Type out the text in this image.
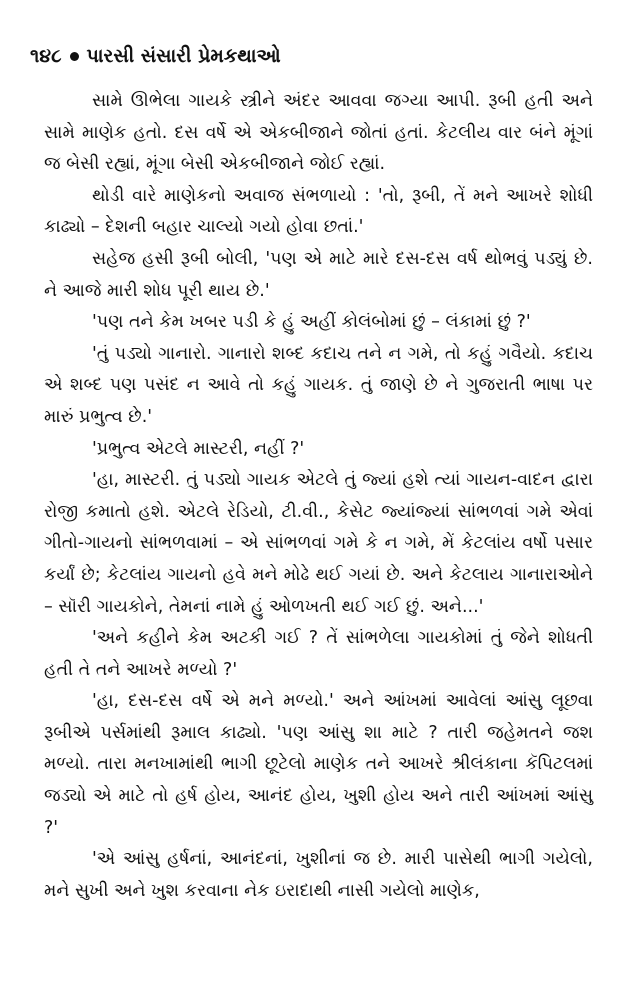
૧૪૮ પારસી સંસારી પ્રેમકથાઓ

સામે ઊભેલા ગાયકે સ્ત્રીને અંદર આવવા જગ્યા આપી. રૂબી હતી અને સામે માણેક હતો. દસ વર્ષે એ એકબીજાને જોતાં હતાં. કેટલીય વાર બંને મૂંગાં જ બેસી રહ્યાં, મૂંગા બેસી એકબીજાને જોઈ રહ્યાં.

થોડી વારે માણેકનો અવાજ સંભળાયો : 'તો, રૂબી, તેં મને આખરે શોધી કાઢ્યો – દેશની બહાર ચાલ્યો ગયો હોવા છતાં.'

સહેજ હસી રૂબી બોલી, 'પણ એ માટે મારે દસ-દસ વર્ષ થોભવું પડ્યું છે. ને આજે મારી શોધ પૂરી થાય છે.'

'પણ તને કેમ ખબર પડી કે હું અહીં કોલંબોમાં છું – લંકામાં છું ?'

'તું પડ્યો ગાનારો. ગાનારો શબ્દ કદાચ તને ન ગમે, તો કહું ગવૈયો. કદાચ એ શબ્દ પણ પસંદ ન આવે તો કહું ગાયક. તું જાણે છે ને ગુજરાતી ભાષા પર મારું પ્રભુત્વ છે.'

'પ્રભુત્વ એટલે માસ્ટરી, નહીં ?'

'હા, માસ્ટરી. તું પડ્યો ગાયક એટલે તું જ્યાં હશે ત્યાં ગાયન-વાદન દ્વારા રોજી કમાતો હશે. એટલે રેડિયો, ટી.વી., કેસેટ જ્યાંજ્યાં સાંભળવાં ગમે એવાં ગીતો-ગાયનો સાંભળવામાં – એ સાંભળવાં ગમે કે ન ગમે, મેં કેટલાંય વર્ષો પસાર કર્યાં છે; કેટલાંય ગાયનો હવે મને મોઢે થઈ ગયાં છે. અને કેટલાય ગાનારાઓને – સૉરી ગાયકોને, તેમનાં નામે હું ઓળખતી થઈ ગઈ છું. અને...'

'અને કહીને કેમ અટકી ગઈ ? તેં સાંભળેલા ગાયકોમાં તું જેને શોધતી હતી તે તને આખરે મળ્યો ?'

'હા, દસ-દસ વર્ષે એ મને મળ્યો.' અને આંખમાં આવેલાં આંસુ લૂછવા રૂબીએ પર્સમાંથી રૂમાલ કાઢ્યો. 'પણ આંસુ શા માટે ? તારી જહેમતને જશ મળ્યો. તારા મનખામાંથી ભાગી છૂટેલો માણેક તને આખરે શ્રીલંકાના કૅપિટલમાં જડ્યો એ માટે તો હર્ષ હોય, આનંદ હોય, ખુશી હોય અને તારી આંખમાં આંસુ ?'

'એ આંસુ હર્ષનાં, આનંદનાં, ખુશીનાં જ છે. મારી પાસેથી ભાગી ગયેલો, મને સુખી અને ખુશ કરવાના નેક ઇરાદાથી નાસી ગયેલો માણેક,
